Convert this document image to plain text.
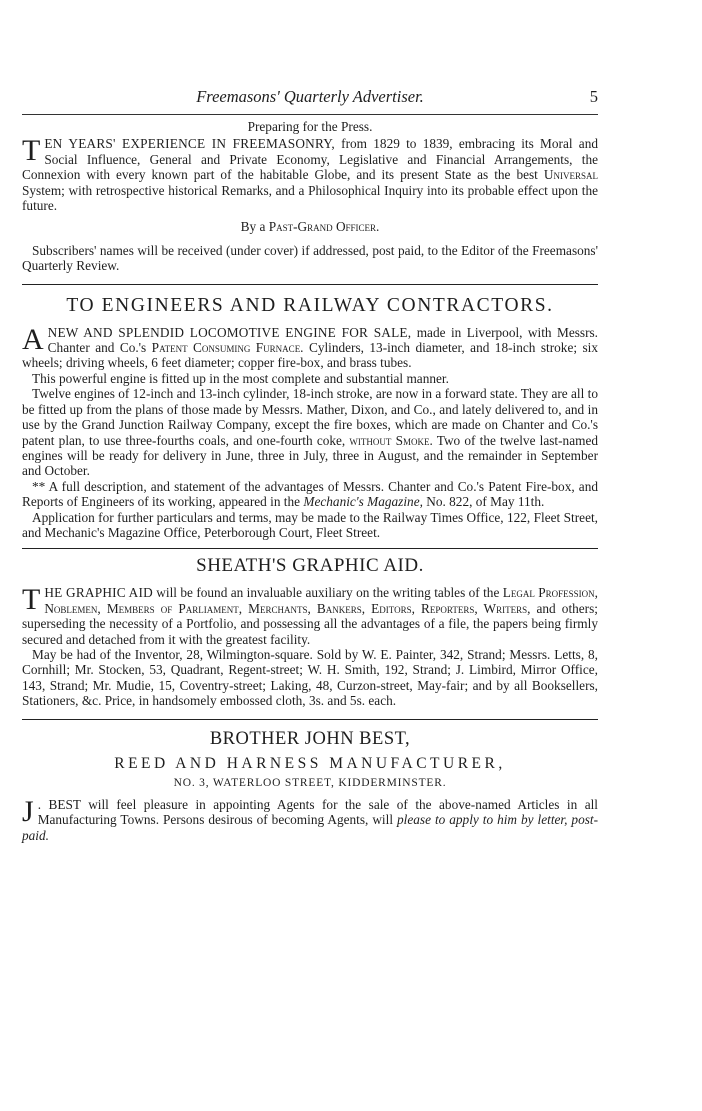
Freemasons' Quarterly Advertiser.	5
Preparing for the Press.

TEN YEARS' EXPERIENCE IN FREEMASONRY, from 1829 to 1839, embracing its Moral and Social Influence, General and Private Economy, Legislative and Financial Arrangements, the Connexion with every known part of the habitable Globe, and its present State as the best Universal System; with retrospective historical Remarks, and a Philosophical Inquiry into its probable effect upon the future.

By a Past-Grand Officer.

Subscribers' names will be received (under cover) if addressed, post paid, to the Editor of the Freemasons' Quarterly Review.

TO ENGINEERS AND RAILWAY CONTRACTORS.

A NEW AND SPLENDID LOCOMOTIVE ENGINE FOR SALE, made in Liverpool, with Messrs. Chanter and Co.'s Patent Consuming Furnace. Cylinders, 13-inch diameter, and 18-inch stroke; six wheels; driving wheels, 6 feet diameter; copper fire-box, and brass tubes.

This powerful engine is fitted up in the most complete and substantial manner.

Twelve engines of 12-inch and 13-inch cylinder, 18-inch stroke, are now in a forward state. They are all to be fitted up from the plans of those made by Messrs. Mather, Dixon, and Co., and lately delivered to, and in use by the Grand Junction Railway Company, except the fire boxes, which are made on Chanter and Co.'s patent plan, to use three-fourths coals, and one-fourth coke, without Smoke. Two of the twelve last-named engines will be ready for delivery in June, three in July, three in August, and the remainder in September and October.

** A full description, and statement of the advantages of Messrs. Chanter and Co.'s Patent Fire-box, and Reports of Engineers of its working, appeared in the Mechanic's Magazine, No. 822, of May 11th.

Application for further particulars and terms, may be made to the Railway Times Office, 122, Fleet Street, and Mechanic's Magazine Office, Peterborough Court, Fleet Street.

SHEATH'S GRAPHIC AID.

THE GRAPHIC AID will be found an invaluable auxiliary on the writing tables of the Legal Profession, Noblemen, Members of Parliament, Merchants, Bankers, Editors, Reporters, Writers, and others; superseding the necessity of a Portfolio, and possessing all the advantages of a file, the papers being firmly secured and detached from it with the greatest facility.

May be had of the Inventor, 28, Wilmington-square. Sold by W. E. Painter, 342, Strand; Messrs. Letts, 8, Cornhill; Mr. Stocken, 53, Quadrant, Regent-street; W. H. Smith, 192, Strand; J. Limbird, Mirror Office, 143, Strand; Mr. Mudie, 15, Coventry-street; Laking, 48, Curzon-street, May-fair; and by all Booksellers, Stationers, &c. Price, in handsomely embossed cloth, 3s. and 5s. each.

BROTHER JOHN BEST,
REED AND HARNESS MANUFACTURER,
NO. 3, WATERLOO STREET, KIDDERMINSTER.

J . BEST will feel pleasure in appointing Agents for the sale of the above-named Articles in all Manufacturing Towns. Persons desirous of becoming Agents, will please to apply to him by letter, post-paid.
